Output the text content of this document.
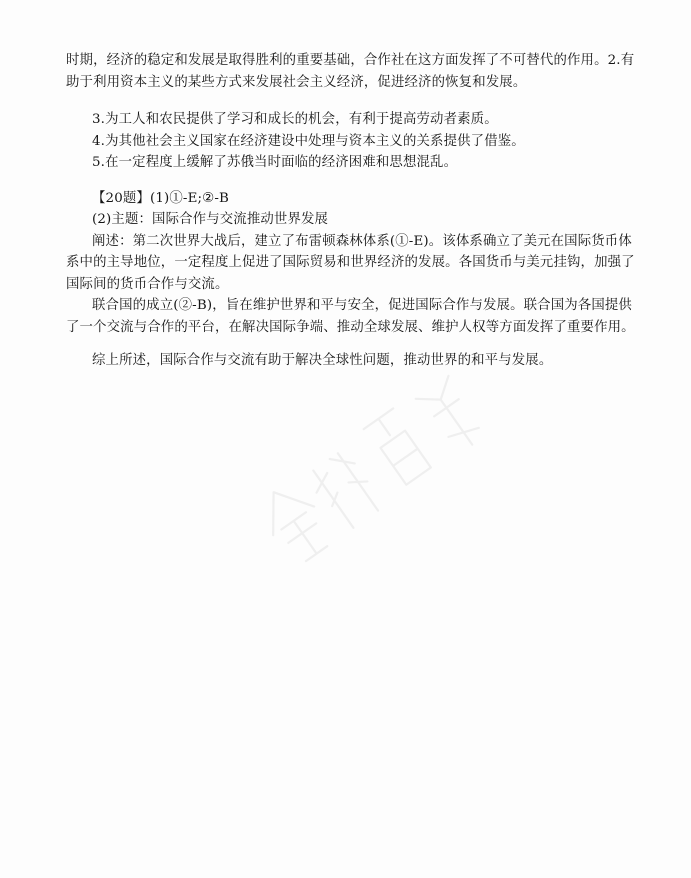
时期，经济的稳定和发展是取得胜利的重要基础，合作社在这方面发挥了不可替代的作用。2.有助于利用资本主义的某些方式来发展社会主义经济，促进经济的恢复和发展。

3.为工人和农民提供了学习和成长的机会，有利于提高劳动者素质。

4.为其他社会主义国家在经济建设中处理与资本主义的关系提供了借鉴。

5.在一定程度上缓解了苏俄当时面临的经济困难和思想混乱。

【20题】(1)①-E;②-B

(2)主题：国际合作与交流推动世界发展

阐述：第二次世界大战后，建立了布雷顿森林体系(①-E)。该体系确立了美元在国际货币体系中的主导地位，一定程度上促进了国际贸易和世界经济的发展。各国货币与美元挂钩，加强了国际间的货币合作与交流。

联合国的成立(②-B)，旨在维护世界和平与安全，促进国际合作与发展。联合国为各国提供了一个交流与合作的平台，在解决国际争端、推动全球发展、维护人权等方面发挥了重要作用。

综上所述，国际合作与交流有助于解决全球性问题，推动世界的和平与发展。
